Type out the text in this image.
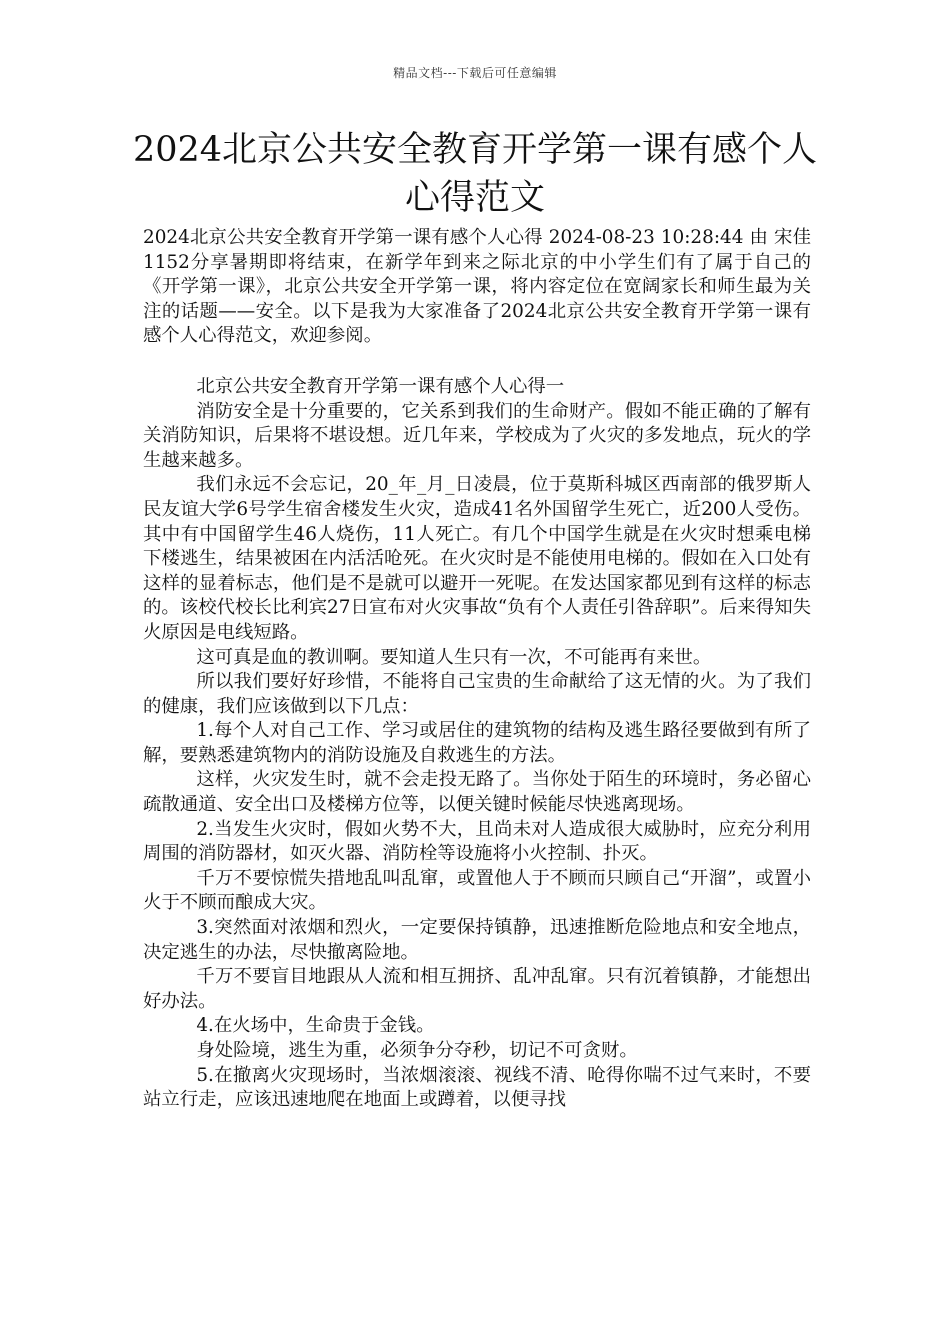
精品文档---下载后可任意编辑
2024北京公共安全教育开学第一课有感个人心得范文

2024北京公共安全教育开学第一课有感个人心得 2024-08-23 10:28:44 由 宋佳1152分享暑期即将结束，在新学年到来之际北京的中小学生们有了属于自己的《开学第一课》，北京公共安全开学第一课，将内容定位在宽阔家长和师生最为关注的话题——安全。以下是我为大家准备了2024北京公共安全教育开学第一课有感个人心得范文，欢迎参阅。

北京公共安全教育开学第一课有感个人心得一

消防安全是十分重要的，它关系到我们的生命财产。假如不能正确的了解有关消防知识，后果将不堪设想。近几年来，学校成为了火灾的多发地点，玩火的学生越来越多。

我们永远不会忘记，20_年_月_日凌晨，位于莫斯科城区西南部的俄罗斯人民友谊大学6号学生宿舍楼发生火灾，造成41名外国留学生死亡，近200人受伤。其中有中国留学生46人烧伤，11人死亡。有几个中国学生就是在火灾时想乘电梯下楼逃生，结果被困在内活活呛死。在火灾时是不能使用电梯的。假如在入口处有这样的显着标志，他们是不是就可以避开一死呢。在发达国家都见到有这样的标志的。该校代校长比利宾27日宣布对火灾事故“负有个人责任引咎辞职”。后来得知失火原因是电线短路。

这可真是血的教训啊。要知道人生只有一次，不可能再有来世。

所以我们要好好珍惜，不能将自己宝贵的生命献给了这无情的火。为了我们的健康，我们应该做到以下几点：

1.每个人对自己工作、学习或居住的建筑物的结构及逃生路径要做到有所了解，要熟悉建筑物内的消防设施及自救逃生的方法。

这样，火灾发生时，就不会走投无路了。当你处于陌生的环境时，务必留心疏散通道、安全出口及楼梯方位等，以便关键时候能尽快逃离现场。

2.当发生火灾时，假如火势不大，且尚未对人造成很大威胁时，应充分利用周围的消防器材，如灭火器、消防栓等设施将小火控制、扑灭。

千万不要惊慌失措地乱叫乱窜，或置他人于不顾而只顾自己“开溜”，或置小火于不顾而酿成大灾。

3.突然面对浓烟和烈火，一定要保持镇静，迅速推断危险地点和安全地点，决定逃生的办法，尽快撤离险地。

千万不要盲目地跟从人流和相互拥挤、乱冲乱窜。只有沉着镇静，才能想出好办法。

4.在火场中，生命贵于金钱。

身处险境，逃生为重，必须争分夺秒，切记不可贪财。

5.在撤离火灾现场时，当浓烟滚滚、视线不清、呛得你喘不过气来时，不要站立行走，应该迅速地爬在地面上或蹲着，以便寻找
